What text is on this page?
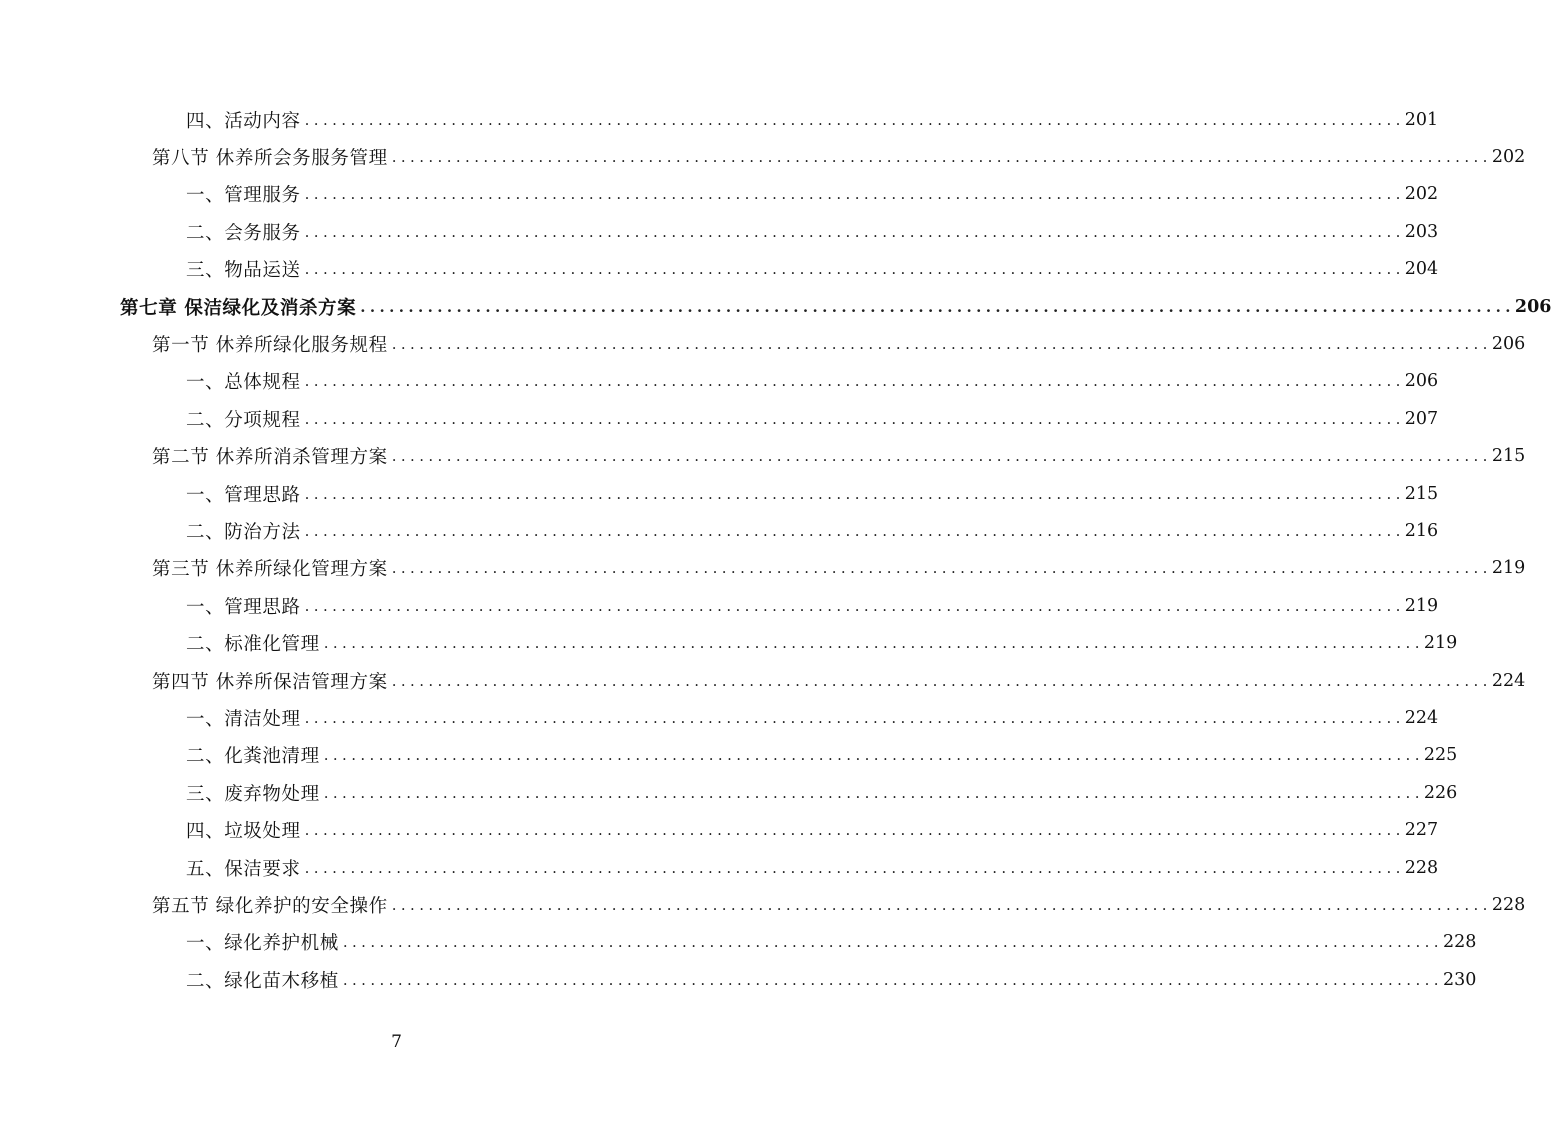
四、活动内容 ........................................................................................................................ 201
第八节 休养所会务服务管理 ........................................................................................................................ 202
一、管理服务 ........................................................................................................................ 202
二、会务服务 ........................................................................................................................ 203
三、物品运送 ........................................................................................................................ 204
第七章 保洁绿化及消杀方案 ........................................................................................................................ 206
第一节 休养所绿化服务规程 ........................................................................................................................ 206
一、总体规程 ........................................................................................................................ 206
二、分项规程 ........................................................................................................................ 207
第二节 休养所消杀管理方案 ........................................................................................................................ 215
一、管理思路 ........................................................................................................................ 215
二、防治方法 ........................................................................................................................ 216
第三节 休养所绿化管理方案 ........................................................................................................................ 219
一、管理思路 ........................................................................................................................ 219
二、标准化管理 ........................................................................................................................ 219
第四节 休养所保洁管理方案 ........................................................................................................................ 224
一、清洁处理 ........................................................................................................................ 224
二、化粪池清理 ........................................................................................................................ 225
三、废弃物处理 ........................................................................................................................ 226
四、垃圾处理 ........................................................................................................................ 227
五、保洁要求 ........................................................................................................................ 228
第五节 绿化养护的安全操作 ........................................................................................................................ 228
一、绿化养护机械 ........................................................................................................................ 228
二、绿化苗木移植 ........................................................................................................................ 230
7
